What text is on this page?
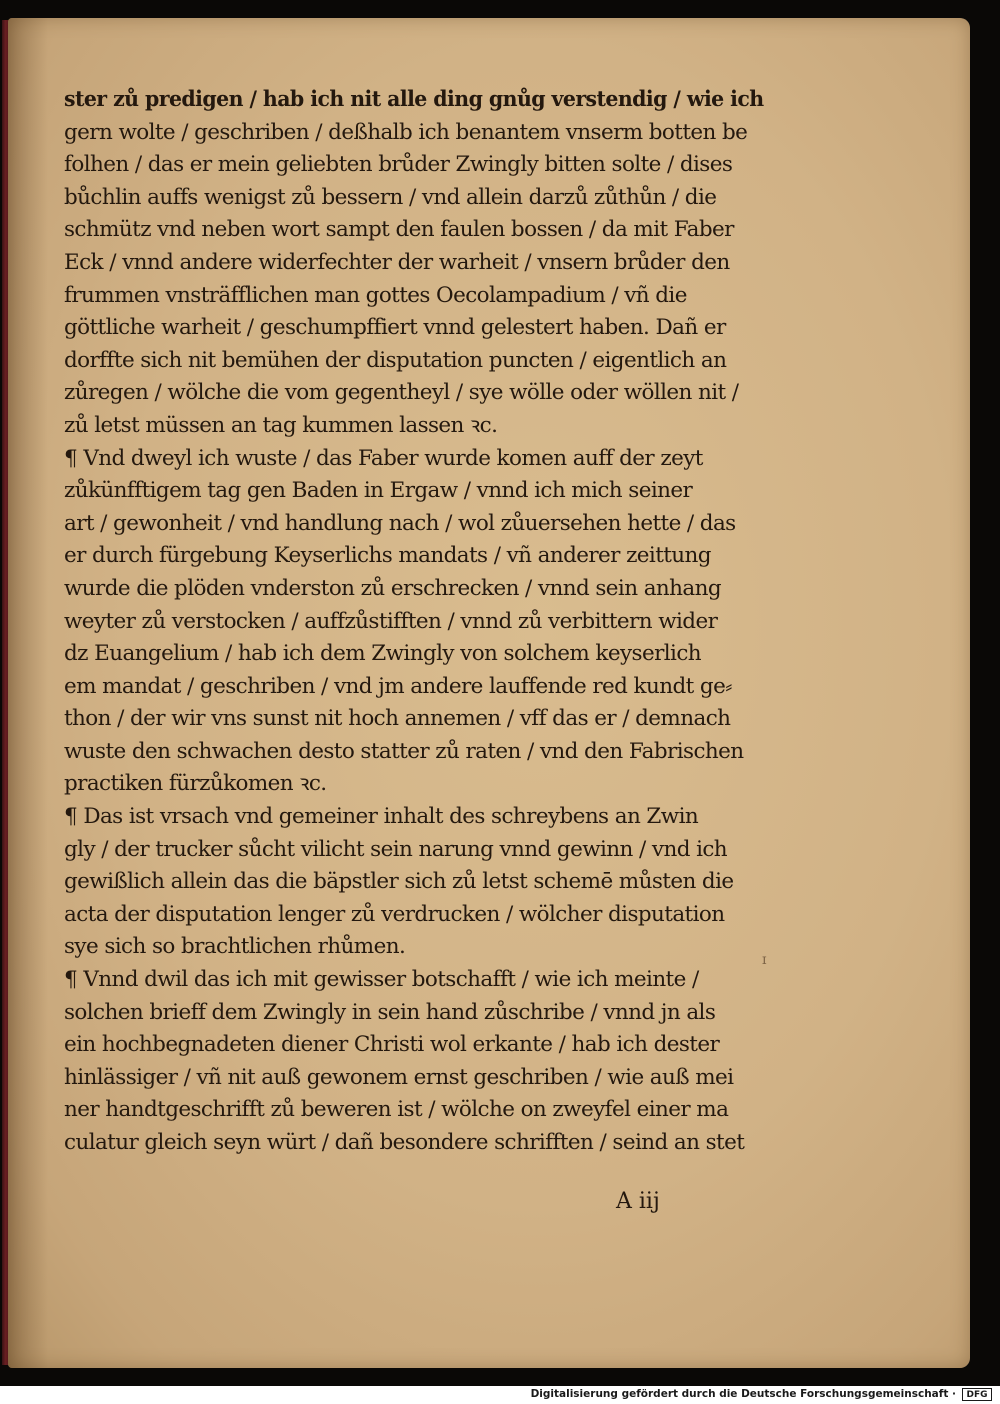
ster zů predigen / hab ich nit alle ding gnůg verstendig / wie ich
gern wolte / geschriben / deßhalb ich benantem vnserm botten be
folhen / das er mein geliebten brůder Zwingly bitten solte / dises
bůchlin auffs wenigst zů bessern / vnd allein darzů zůthůn / die
schmütz vnd neben wort sampt den faulen bossen / da mit Faber
Eck / vnnd andere widerfechter der warheit / vnsern brůder den
frummen vnsträfflichen man gottes Oecolampadium / vñ die
göttliche warheit / geschumpffiert vnnd gelestert haben. Dañ er
dorffte sich nit bemühen der disputation puncten / eigentlich an
zůregen / wölche die vom gegentheyl / sye wölle oder wöllen nit /
zů letst müssen an tag kummen lassen ꝛc.
¶ Vnd dweyl ich wuste / das Faber wurde komen auff der zeyt
zůkünfftigem tag gen Baden in Ergaw / vnnd ich mich seiner
art / gewonheit / vnd handlung nach / wol zůuersehen hette / das
er durch fürgebung Keyserlichs mandats / vñ anderer zeittung
wurde die plöden vnderston zů erschrecken / vnnd sein anhang
weyter zů verstocken / auffzůstifften / vnnd zů verbittern wider
dz Euangelium / hab ich dem Zwingly von solchem keyserlich
em mandat / geschriben / vnd jm andere lauffende red kundt ge⸗
thon / der wir vns sunst nit hoch annemen / vff das er / demnach
wuste den schwachen desto statter zů raten / vnd den Fabrischen
practiken fürzůkomen ꝛc.
¶ Das ist vrsach vnd gemeiner inhalt des schreybens an Zwin
gly / der trucker sůcht vilicht sein narung vnnd gewinn / vnd ich
gewißlich allein das die bäpstler sich zů letst schemē můsten die
acta der disputation lenger zů verdrucken / wölcher disputation
sye sich so brachtlichen rhůmen.
¶ Vnnd dwil das ich mit gewisser botschafft / wie ich meinte /
solchen brieff dem Zwingly in sein hand zůschribe / vnnd jn als
ein hochbegnadeten diener Christi wol erkante / hab ich dester
hinlässiger / vñ nit auß gewonem ernst geschriben / wie auß mei
ner handtgeschrifft zů beweren ist / wölche on zweyfel einer ma
culatur gleich seyn würt / dañ besondere schrifften / seind an stet
ɪ
A iij
Digitalisierung gefördert durch die Deutsche Forschungsgemeinschaft ·	DFG
